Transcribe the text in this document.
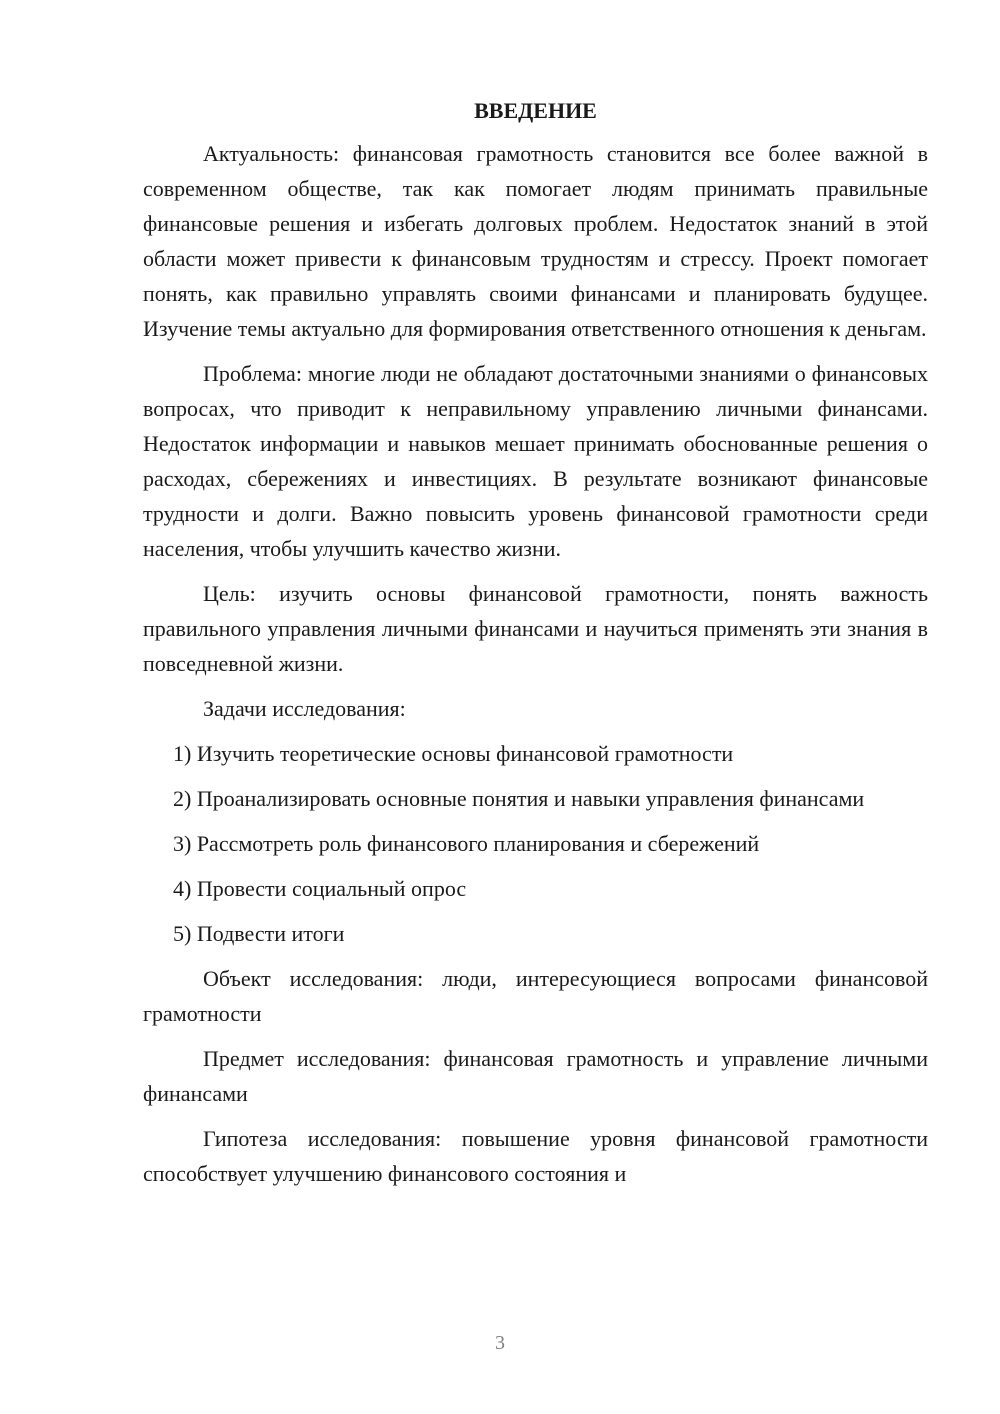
ВВЕДЕНИЕ

Актуальность: финансовая грамотность становится все более важной в современном обществе, так как помогает людям принимать правильные финансовые решения и избегать долговых проблем. Недостаток знаний в этой области может привести к финансовым трудностям и стрессу. Проект помогает понять, как правильно управлять своими финансами и планировать будущее. Изучение темы актуально для формирования ответственного отношения к деньгам.

Проблема: многие люди не обладают достаточными знаниями о финансовых вопросах, что приводит к неправильному управлению личными финансами. Недостаток информации и навыков мешает принимать обоснованные решения о расходах, сбережениях и инвестициях. В результате возникают финансовые трудности и долги. Важно повысить уровень финансовой грамотности среди населения, чтобы улучшить качество жизни.

Цель: изучить основы финансовой грамотности, понять важность правильного управления личными финансами и научиться применять эти знания в повседневной жизни.

Задачи исследования:

1) Изучить теоретические основы финансовой грамотности

2) Проанализировать основные понятия и навыки управления финансами

3) Рассмотреть роль финансового планирования и сбережений

4) Провести социальный опрос

5) Подвести итоги

Объект исследования: люди, интересующиеся вопросами финансовой грамотности

Предмет исследования: финансовая грамотность и управление личными финансами

Гипотеза исследования: повышение уровня финансовой грамотности способствует улучшению финансового состояния и

3
